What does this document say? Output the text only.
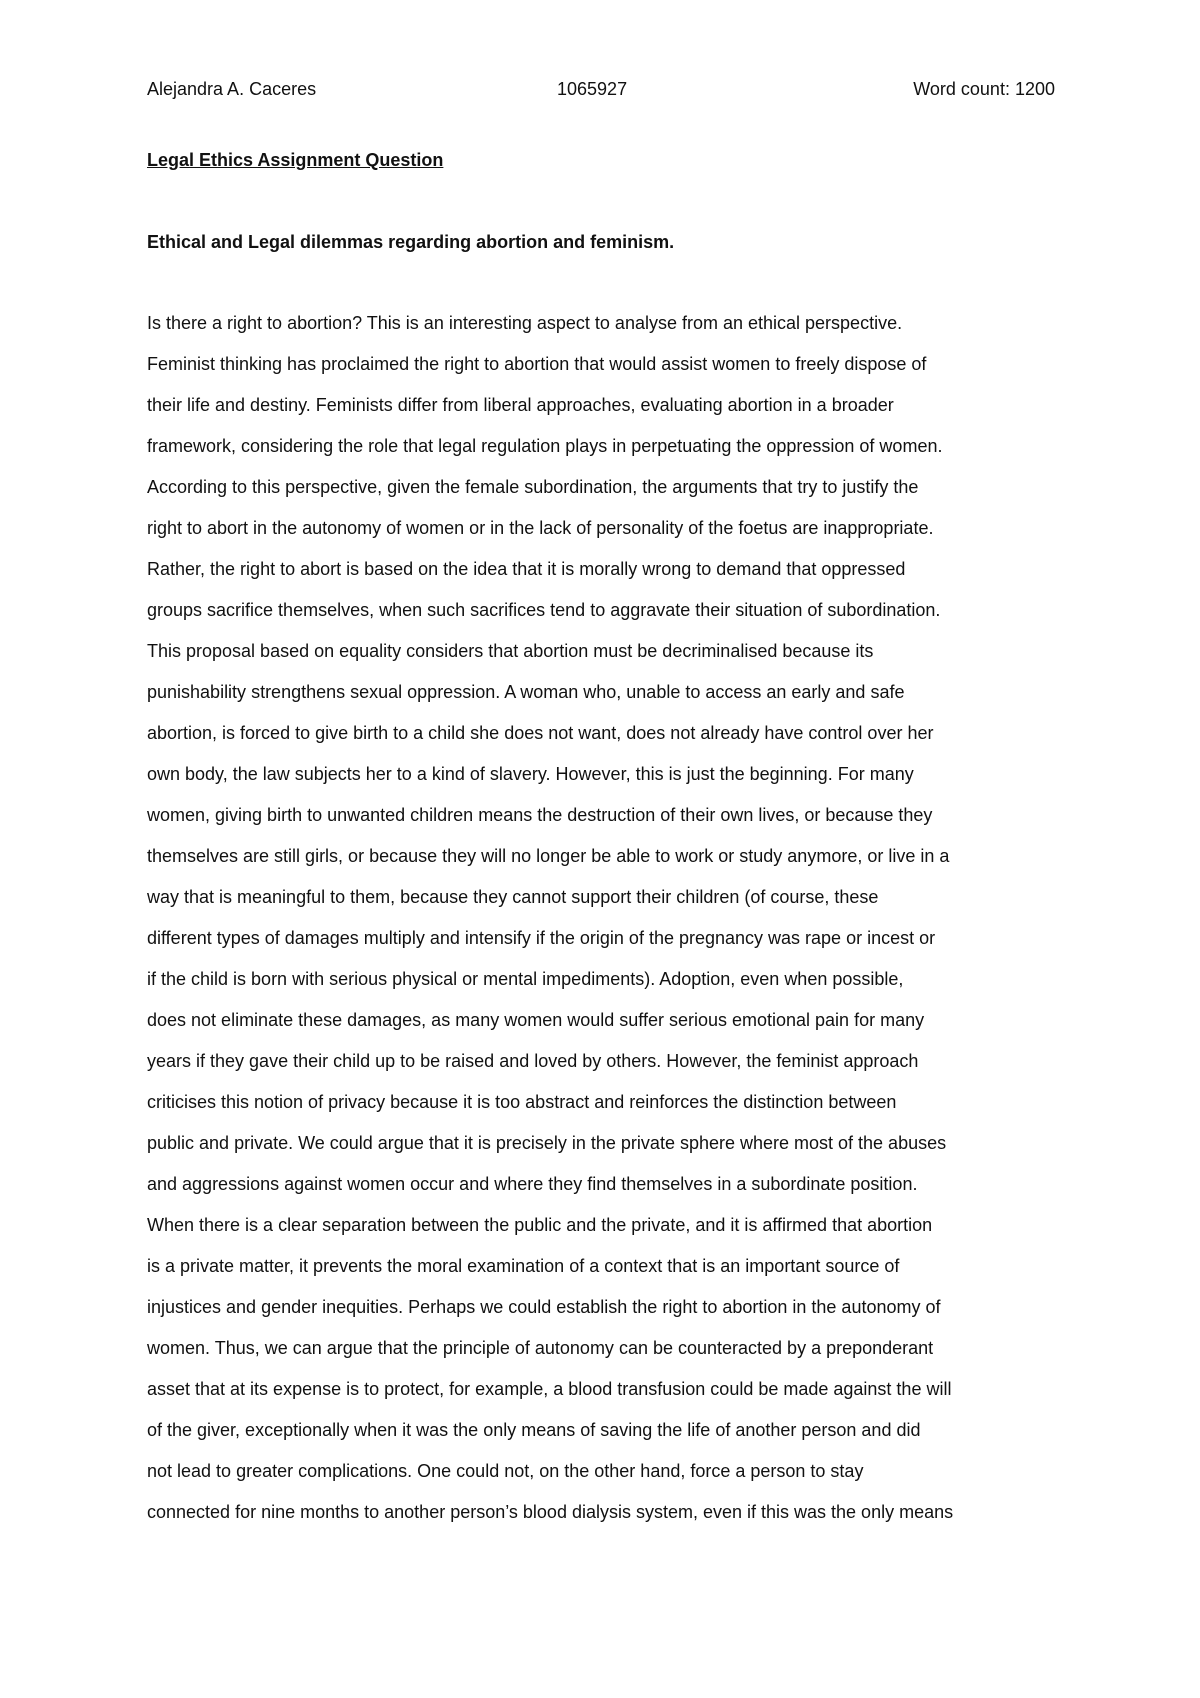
Alejandra A. Caceres	1065927	Word count: 1200
Legal Ethics Assignment Question
Ethical and Legal dilemmas regarding abortion and feminism.
Is there a right to abortion? This is an interesting aspect to analyse from an ethical perspective.
Feminist thinking has proclaimed the right to abortion that would assist women to freely dispose of
their life and destiny. Feminists differ from liberal approaches, evaluating abortion in a broader
framework, considering the role that legal regulation plays in perpetuating the oppression of women.
According to this perspective, given the female subordination, the arguments that try to justify the
right to abort in the autonomy of women or in the lack of personality of the foetus are inappropriate.
Rather, the right to abort is based on the idea that it is morally wrong to demand that oppressed
groups sacrifice themselves, when such sacrifices tend to aggravate their situation of subordination.
This proposal based on equality considers that abortion must be decriminalised because its
punishability strengthens sexual oppression. A woman who, unable to access an early and safe
abortion, is forced to give birth to a child she does not want, does not already have control over her
own body, the law subjects her to a kind of slavery. However, this is just the beginning. For many
women, giving birth to unwanted children means the destruction of their own lives, or because they
themselves are still girls, or because they will no longer be able to work or study anymore, or live in a
way that is meaningful to them, because they cannot support their children (of course, these
different types of damages multiply and intensify if the origin of the pregnancy was rape or incest or
if the child is born with serious physical or mental impediments). Adoption, even when possible,
does not eliminate these damages, as many women would suffer serious emotional pain for many
years if they gave their child up to be raised and loved by others. However, the feminist approach
criticises this notion of privacy because it is too abstract and reinforces the distinction between
public and private. We could argue that it is precisely in the private sphere where most of the abuses
and aggressions against women occur and where they find themselves in a subordinate position.
When there is a clear separation between the public and the private, and it is affirmed that abortion
is a private matter, it prevents the moral examination of a context that is an important source of
injustices and gender inequities. Perhaps we could establish the right to abortion in the autonomy of
women. Thus, we can argue that the principle of autonomy can be counteracted by a preponderant
asset that at its expense is to protect, for example, a blood transfusion could be made against the will
of the giver, exceptionally when it was the only means of saving the life of another person and did
not lead to greater complications. One could not, on the other hand, force a person to stay
connected for nine months to another person’s blood dialysis system, even if this was the only means
